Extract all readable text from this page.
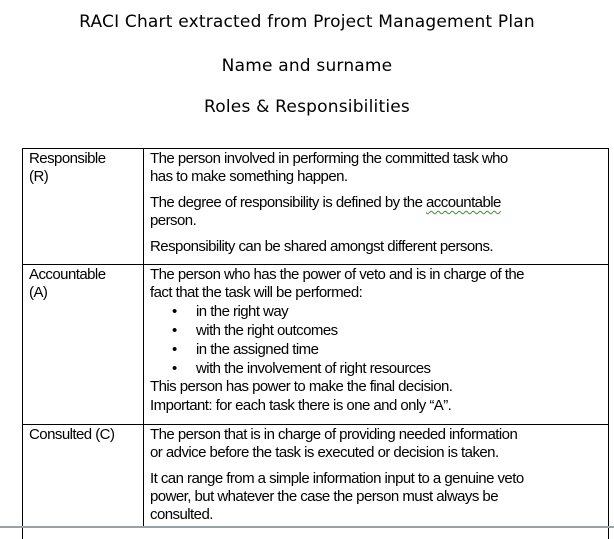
RACI Chart extracted from Project Management Plan
Name and surname
Roles & Responsibilities
Responsible
(R)
The person involved in performing the committed task who
has to make something happen.
The degree of responsibility is defined by the accountable
person.
Responsibility can be shared amongst different persons.
Accountable
(A)
The person who has the power of veto and is in charge of the
fact that the task will be performed:
• in the right way
• with the right outcomes
• in the assigned time
• with the involvement of right resources
This person has power to make the final decision.
Important: for each task there is one and only “A”.
Consulted (C) The person that is in charge of providing needed information
or advice before the task is executed or decision is taken.
It can range from a simple information input to a genuine veto
power, but whatever the case the person must always be
consulted.
